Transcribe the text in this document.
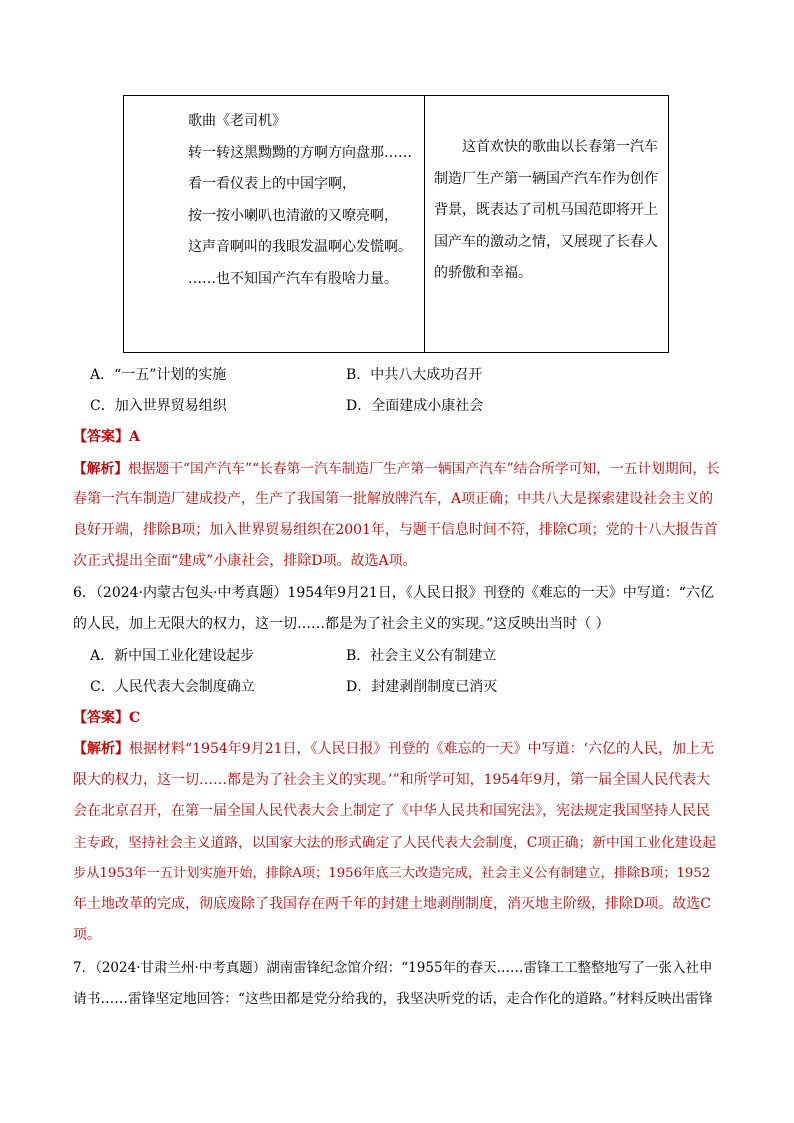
歌曲《老司机》
转一转这黑黝黝的方啊方向盘那……
看一看仪表上的中国字啊，
按一按小喇叭也清澈的又嘹亮啊，
这声音啊叫的我眼发温啊心发慌啊。
……也不知国产汽车有股啥力量。
这首欢快的歌曲以长春第一汽车制造厂生产第一辆国产汽车作为创作背景，既表达了司机马国范即将开上国产车的激动之情，又展现了长春人的骄傲和幸福。
A．“一五”计划的实施	B．中共八大成功召开
C．加入世界贸易组织	D．全面建成小康社会
【答案】A
【解析】根据题干“国产汽车”“长春第一汽车制造厂生产第一辆国产汽车”结合所学可知，一五计划期间，长
春第一汽车制造厂建成投产，生产了我国第一批解放牌汽车，A项正确；中共八大是探索建设社会主义的
良好开端，排除B项；加入世界贸易组织在2001年，与题干信息时间不符，排除C项；党的十八大报告首
次正式提出全面“建成”小康社会，排除D项。故选A项。
6．（2024·内蒙古包头·中考真题）1954年9月21日，《人民日报》刊登的《难忘的一天》中写道：“六亿
的人民，加上无限大的权力，这一切……都是为了社会主义的实现。”这反映出当时（ ）
A．新中国工业化建设起步	B．社会主义公有制建立
C．人民代表大会制度确立	D．封建剥削制度已消灭
【答案】C
【解析】根据材料“1954年9月21日，《人民日报》刊登的《难忘的一天》中写道：‘六亿的人民，加上无
限大的权力，这一切……都是为了社会主义的实现。’”和所学可知，1954年9月，第一届全国人民代表大
会在北京召开，在第一届全国人民代表大会上制定了《中华人民共和国宪法》，宪法规定我国坚持人民民
主专政，坚持社会主义道路，以国家大法的形式确定了人民代表大会制度，C项正确；新中国工业化建设起
步从1953年一五计划实施开始，排除A项；1956年底三大改造完成，社会主义公有制建立，排除B项；1952
年土地改革的完成，彻底废除了我国存在两千年的封建土地剥削制度，消灭地主阶级，排除D项。故选C
项。
7．（2024·甘肃兰州·中考真题）湖南雷锋纪念馆介绍：“1955年的春天……雷锋工工整整地写了一张入社申
请书……雷锋坚定地回答：“这些田都是党分给我的，我坚决听党的话，走合作化的道路。”材料反映出雷锋
